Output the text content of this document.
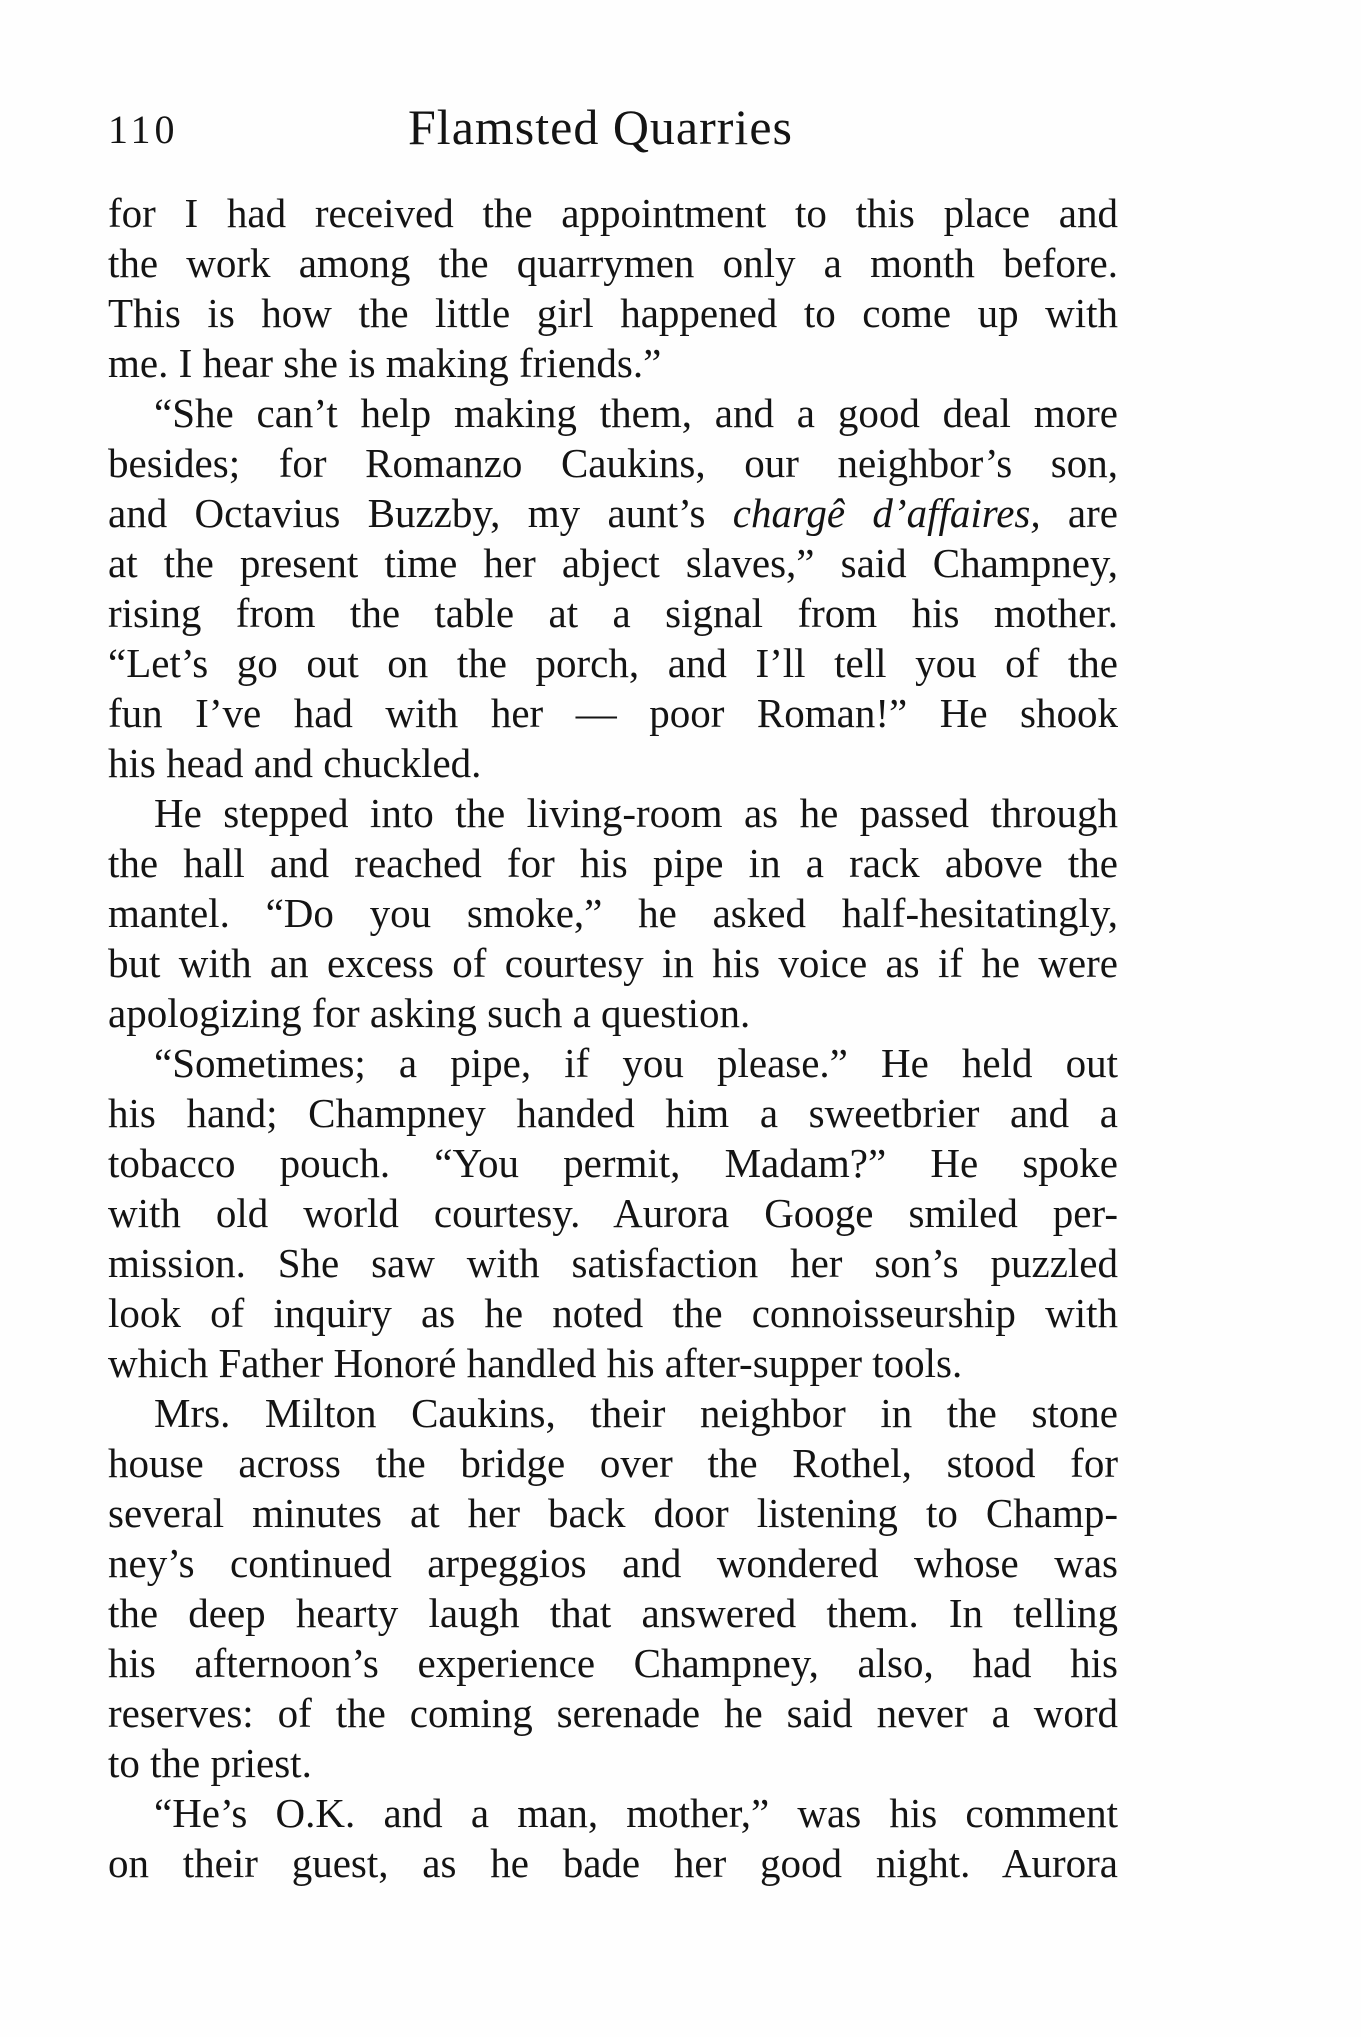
110	Flamsted Quarries
for I had received the appointment to this place and
the work among the quarrymen only a month before.
This is how the little girl happened to come up with
me. I hear she is making friends.”
“She can’t help making them, and a good deal more
besides; for Romanzo Caukins, our neighbor’s son,
and Octavius Buzzby, my aunt’s chargê d’affaires, are
at the present time her abject slaves,” said Champney,
rising from the table at a signal from his mother.
“Let’s go out on the porch, and I’ll tell you of the
fun I’ve had with her — poor Roman!” He shook
his head and chuckled.
He stepped into the living-room as he passed through
the hall and reached for his pipe in a rack above the
mantel. “Do you smoke,” he asked half-hesitatingly,
but with an excess of courtesy in his voice as if he were
apologizing for asking such a question.
“Sometimes; a pipe, if you please.” He held out
his hand; Champney handed him a sweetbrier and a
tobacco pouch. “You permit, Madam?” He spoke
with old world courtesy. Aurora Googe smiled per-
mission. She saw with satisfaction her son’s puzzled
look of inquiry as he noted the connoisseurship with
which Father Honoré handled his after-supper tools.
Mrs. Milton Caukins, their neighbor in the stone
house across the bridge over the Rothel, stood for
several minutes at her back door listening to Champ-
ney’s continued arpeggios and wondered whose was
the deep hearty laugh that answered them. In telling
his afternoon’s experience Champney, also, had his
reserves: of the coming serenade he said never a word
to the priest.
“He’s O.K. and a man, mother,” was his comment
on their guest, as he bade her good night. Aurora
